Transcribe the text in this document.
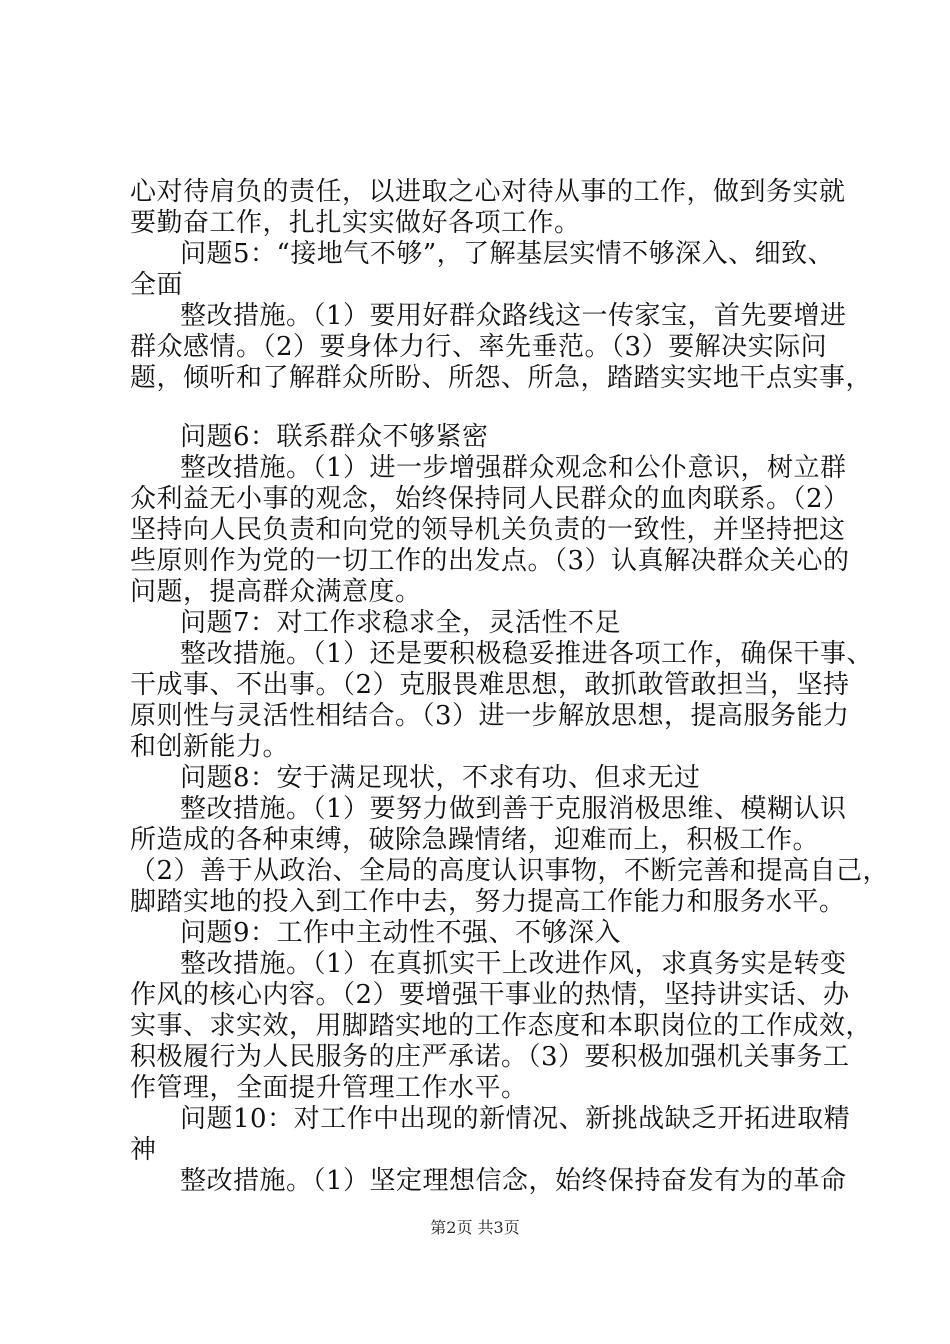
心对待肩负的责任，以进取之心对待从事的工作，做到务实就
要勤奋工作，扎扎实实做好各项工作。
问题5：“接地气不够”，了解基层实情不够深入、细致、
全面
整改措施。（1）要用好群众路线这一传家宝，首先要增进
群众感情。（2）要身体力行、率先垂范。（3）要解决实际问
题，倾听和了解群众所盼、所怨、所急，踏踏实实地干点实事，
问题6：联系群众不够紧密
整改措施。（1）进一步增强群众观念和公仆意识，树立群
众利益无小事的观念，始终保持同人民群众的血肉联系。（2）
坚持向人民负责和向党的领导机关负责的一致性，并坚持把这
些原则作为党的一切工作的出发点。（3）认真解决群众关心的
问题，提高群众满意度。
问题7：对工作求稳求全，灵活性不足
整改措施。（1）还是要积极稳妥推进各项工作，确保干事、
干成事、不出事。（2）克服畏难思想，敢抓敢管敢担当，坚持
原则性与灵活性相结合。（3）进一步解放思想，提高服务能力
和创新能力。
问题8：安于满足现状，不求有功、但求无过
整改措施。（1）要努力做到善于克服消极思维、模糊认识
所造成的各种束缚，破除急躁情绪，迎难而上，积极工作。
（2）善于从政治、全局的高度认识事物，不断完善和提高自己，
脚踏实地的投入到工作中去，努力提高工作能力和服务水平。
问题9：工作中主动性不强、不够深入
整改措施。（1）在真抓实干上改进作风，求真务实是转变
作风的核心内容。（2）要增强干事业的热情，坚持讲实话、办
实事、求实效，用脚踏实地的工作态度和本职岗位的工作成效，
积极履行为人民服务的庄严承诺。（3）要积极加强机关事务工
作管理，全面提升管理工作水平。
问题10：对工作中出现的新情况、新挑战缺乏开拓进取精
神
整改措施。（1）坚定理想信念，始终保持奋发有为的革命
第2页 共3页
